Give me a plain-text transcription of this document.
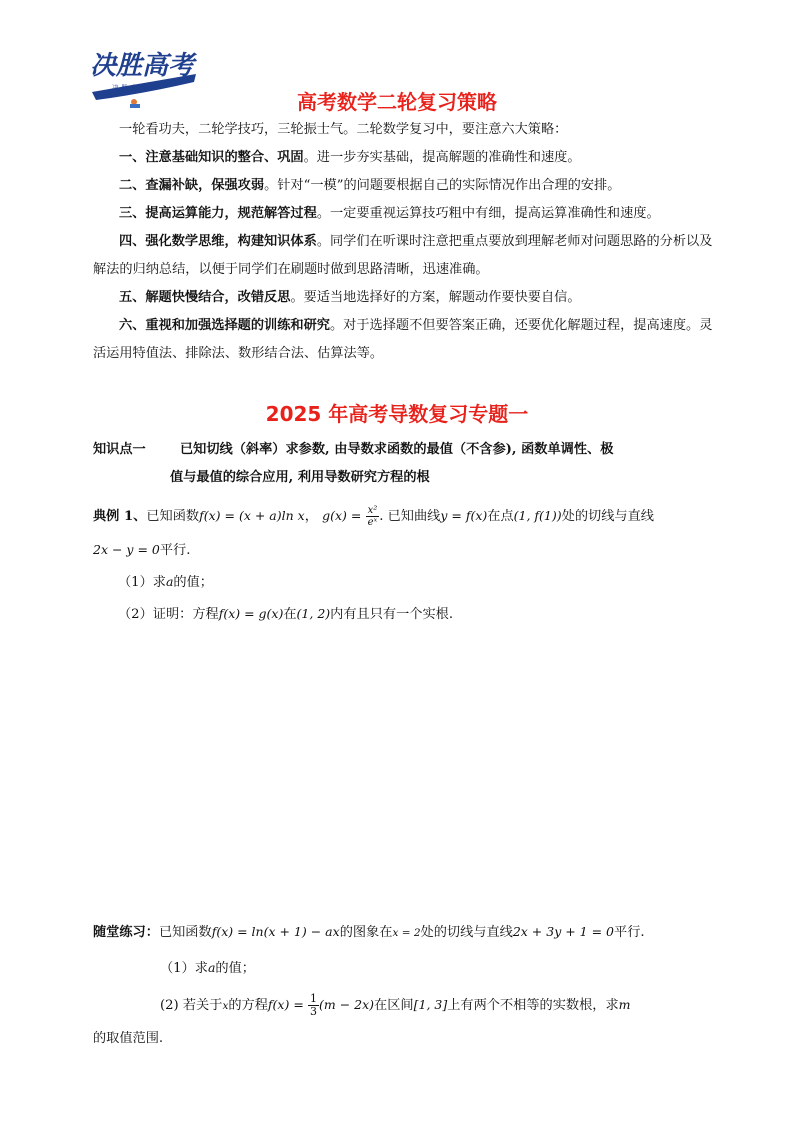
决胜高考
决 胜 高 考
高考数学二轮复习策略

一轮看功夫，二轮学技巧，三轮振士气。二轮数学复习中，要注意六大策略：

一、注意基础知识的整合、巩固。进一步夯实基础，提高解题的准确性和速度。

二、查漏补缺，保强攻弱。针对“一模”的问题要根据自己的实际情况作出合理的安排。

三、提高运算能力，规范解答过程。一定要重视运算技巧粗中有细，提高运算准确性和速度。

四、强化数学思维，构建知识体系。同学们在听课时注意把重点要放到理解老师对问题思路的分析以及解法的归纳总结，以便于同学们在刷题时做到思路清晰，迅速准确。

五、解题快慢结合，改错反思。要适当地选择好的方案，解题动作要快要自信。

六、重视和加强选择题的训练和研究。对于选择题不但要答案正确，还要优化解题过程，提高速度。灵活运用特值法、排除法、数形结合法、估算法等。

2025 年高考导数复习专题一
知识点一	已知切线（斜率）求参数, 由导数求函数的最值（不含参), 函数单调性、极
值与最值的综合应用, 利用导数研究方程的根
典例 1、已知函数f(x) = (x + a)ln x， $g(x) = \frac{\text{x²}}{\text{eˣ}}$ . 已知曲线y = f(x)在点(1, f(1))处的切线与直线
2x − y = 0平行.
（1）求a的值；
（2）证明：方程f(x) = g(x)在(1, 2)内有且只有一个实根.
随堂练习：已知函数f(x) = ln(x + 1) − ax的图象在x = 2处的切线与直线2x + 3y + 1 = 0平行.
（1）求a的值；
(2) 若关于x的方程$f(x) = \frac{1}{3} (m - 2x)$在区间[1, 3]上有两个不相等的实数根，求m
的取值范围.
